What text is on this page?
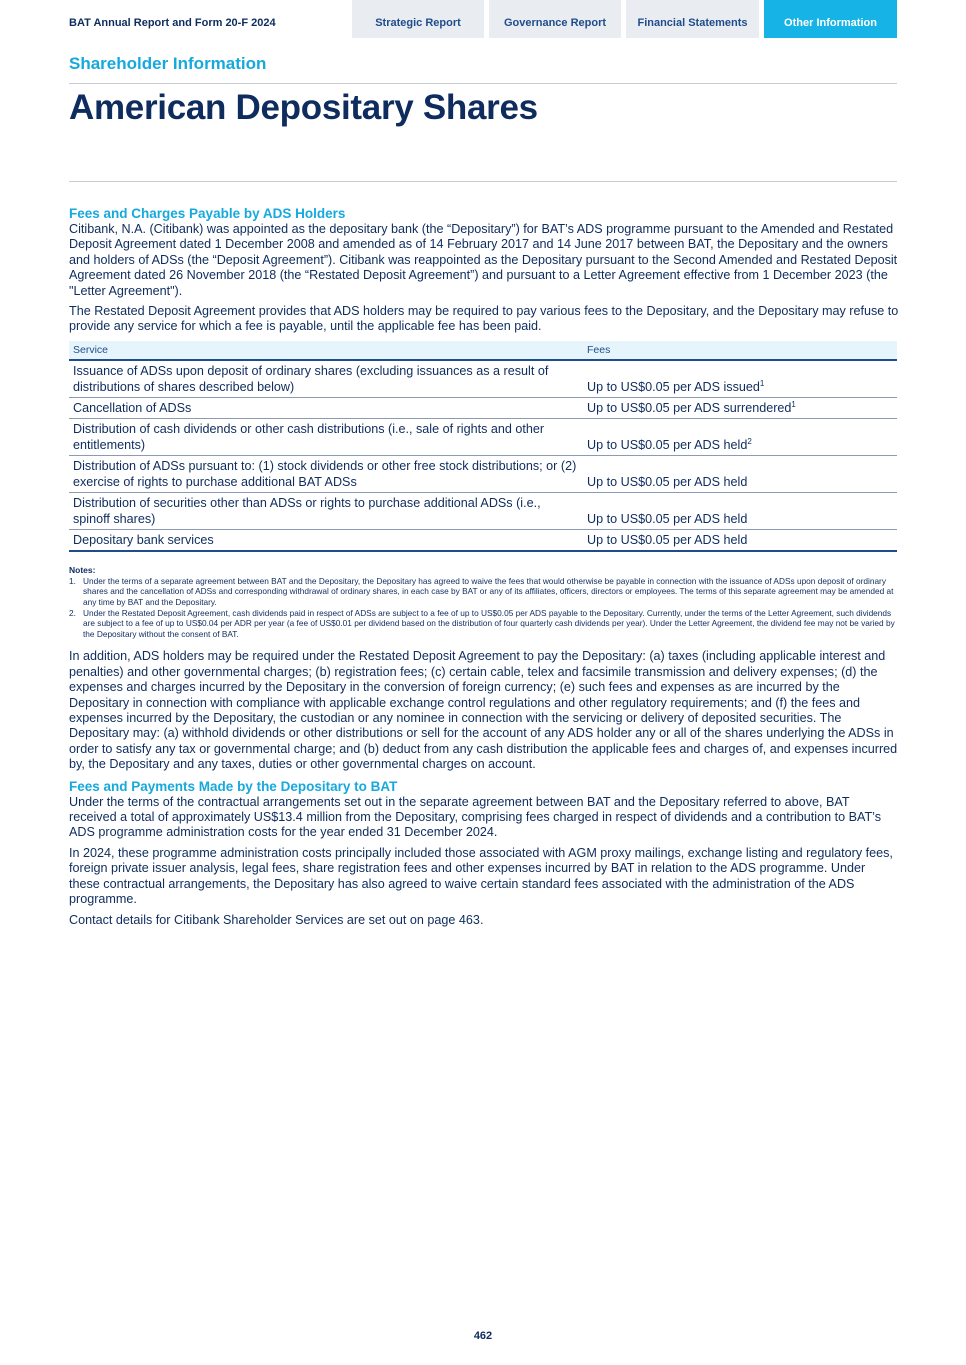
BAT Annual Report and Form 20-F 2024	Strategic Report	Governance Report	Financial Statements	Other Information
Shareholder Information
American Depositary Shares
Fees and Charges Payable by ADS Holders

Citibank, N.A. (Citibank) was appointed as the depositary bank (the “Depositary”) for BAT’s ADS programme pursuant to the Amended and Restated Deposit Agreement dated 1 December 2008 and amended as of 14 February 2017 and 14 June 2017 between BAT, the Depositary and the owners and holders of ADSs (the “Deposit Agreement”). Citibank was reappointed as the Depositary pursuant to the Second Amended and Restated Deposit Agreement dated 26 November 2018 (the “Restated Deposit Agreement”) and pursuant to a Letter Agreement effective from 1 December 2023 (the "Letter Agreement").

The Restated Deposit Agreement provides that ADS holders may be required to pay various fees to the Depositary, and the Depositary may refuse to provide any service for which a fee is payable, until the applicable fee has been paid.

Service	Fees
Issuance of ADSs upon deposit of ordinary shares (excluding issuances as a result of distributions of shares described below)	Up to US$0.05 per ADS issued$^1$
Cancellation of ADSs	Up to US$0.05 per ADS surrendered$^1$
Distribution of cash dividends or other cash distributions (i.e., sale of rights and other entitlements)	Up to US$0.05 per ADS held$^2$
Distribution of ADSs pursuant to: (1) stock dividends or other free stock distributions; or (2) exercise of rights to purchase additional BAT ADSs	Up to US$0.05 per ADS held
Distribution of securities other than ADSs or rights to purchase additional ADSs (i.e., spinoff shares)	Up to US$0.05 per ADS held
Depositary bank services	Up to US$0.05 per ADS held
Notes:
1. Under the terms of a separate agreement between BAT and the Depositary, the Depositary has agreed to waive the fees that would otherwise be payable in connection with the issuance of ADSs upon deposit of ordinary shares and the cancellation of ADSs and corresponding withdrawal of ordinary shares, in each case by BAT or any of its affiliates, officers, directors or employees. The terms of this separate agreement may be amended at any time by BAT and the Depositary.
2. Under the Restated Deposit Agreement, cash dividends paid in respect of ADSs are subject to a fee of up to US$0.05 per ADS payable to the Depositary. Currently, under the terms of the Letter Agreement, such dividends are subject to a fee of up to US$0.04 per ADR per year (a fee of US$0.01 per dividend based on the distribution of four quarterly cash dividends per year). Under the Letter Agreement, the dividend fee may not be varied by the Depositary without the consent of BAT.

In addition, ADS holders may be required under the Restated Deposit Agreement to pay the Depositary: (a) taxes (including applicable interest and penalties) and other governmental charges; (b) registration fees; (c) certain cable, telex and facsimile transmission and delivery expenses; (d) the expenses and charges incurred by the Depositary in the conversion of foreign currency; (e) such fees and expenses as are incurred by the Depositary in connection with compliance with applicable exchange control regulations and other regulatory requirements; and (f) the fees and expenses incurred by the Depositary, the custodian or any nominee in connection with the servicing or delivery of deposited securities. The Depositary may: (a) withhold dividends or other distributions or sell for the account of any ADS holder any or all of the shares underlying the ADSs in order to satisfy any tax or governmental charge; and (b) deduct from any cash distribution the applicable fees and charges of, and expenses incurred by, the Depositary and any taxes, duties or other governmental charges on account.

Fees and Payments Made by the Depositary to BAT

Under the terms of the contractual arrangements set out in the separate agreement between BAT and the Depositary referred to above, BAT received a total of approximately US$13.4 million from the Depositary, comprising fees charged in respect of dividends and a contribution to BAT’s ADS programme administration costs for the year ended 31 December 2024.

In 2024, these programme administration costs principally included those associated with AGM proxy mailings, exchange listing and regulatory fees, foreign private issuer analysis, legal fees, share registration fees and other expenses incurred by BAT in relation to the ADS programme. Under these contractual arrangements, the Depositary has also agreed to waive certain standard fees associated with the administration of the ADS programme.

Contact details for Citibank Shareholder Services are set out on page 463.

462
